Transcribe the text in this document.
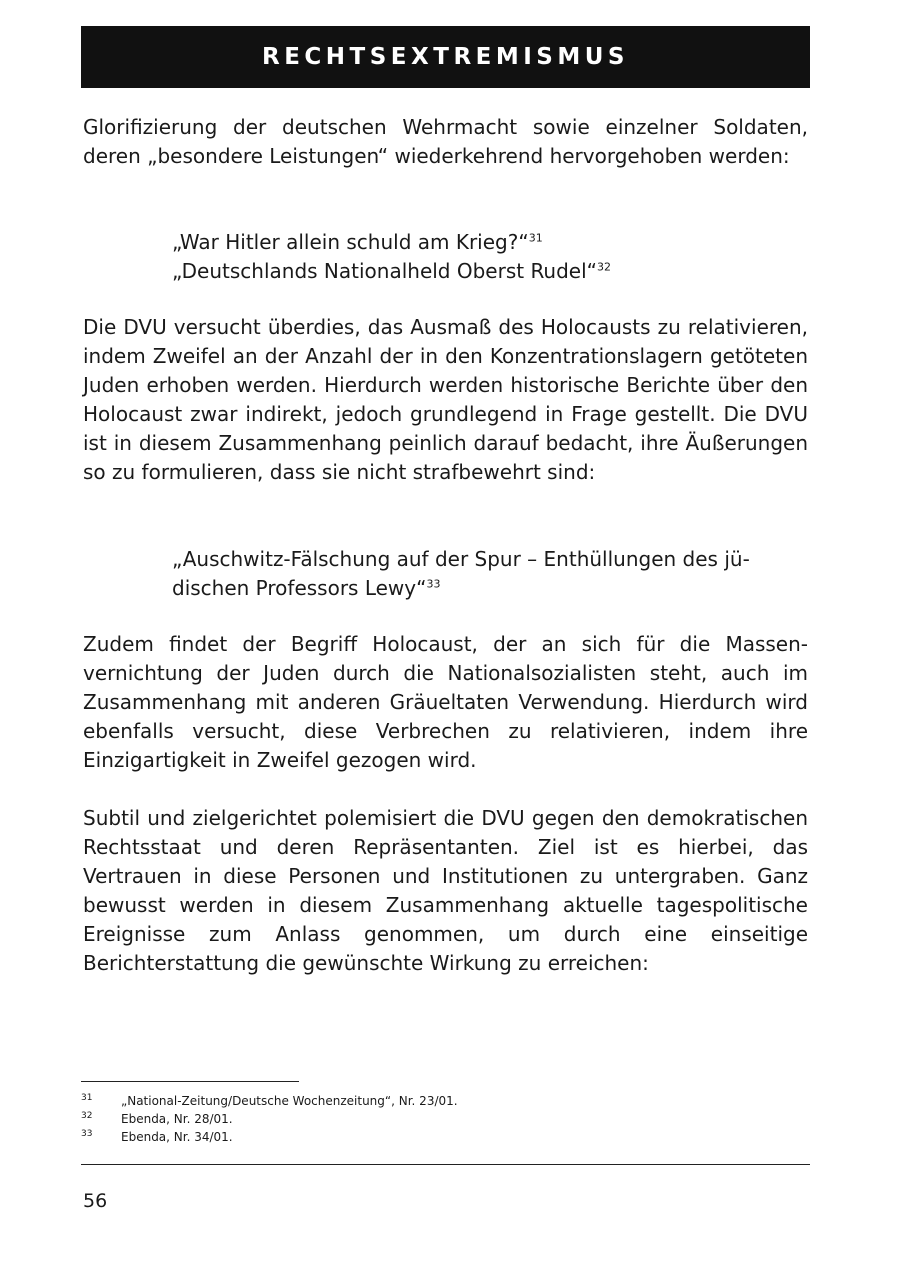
RECHTSEXTREMISMUS
Glorifizierung der deutschen Wehrmacht sowie einzelner Soldaten, deren „besondere Leistungen“ wiederkehrend hervorgehoben werden:

„War Hitler allein schuld am Krieg?“$^{31}$

„Deutschlands Nationalheld Oberst Rudel“$^{32}$

Die DVU versucht überdies, das Ausmaß des Holocausts zu relativieren, indem Zweifel an der Anzahl der in den Konzentrationslagern getöteten Juden erhoben werden. Hierdurch werden historische Berichte über den Holocaust zwar indirekt, jedoch grundlegend in Frage gestellt. Die DVU ist in diesem Zusammenhang peinlich darauf bedacht, ihre Äußerungen so zu formulieren, dass sie nicht strafbewehrt sind:

„Auschwitz-Fälschung auf der Spur – Enthüllungen des jüdischen Professors Lewy“$^{33}$

Zudem findet der Begriff Holocaust, der an sich für die Massenvernichtung der Juden durch die Nationalsozialisten steht, auch im Zusammenhang mit anderen Gräueltaten Verwendung. Hierdurch wird ebenfalls versucht, diese Verbrechen zu relativieren, indem ihre Einzigartigkeit in Zweifel gezogen wird.
Subtil und zielgerichtet polemisiert die DVU gegen den demokratischen Rechtsstaat und deren Repräsentanten. Ziel ist es hierbei, das Vertrauen in diese Personen und Institutionen zu untergraben. Ganz bewusst werden in diesem Zusammenhang aktuelle tagespolitische Ereignisse zum Anlass genommen, um durch eine einseitige Berichterstattung die gewünschte Wirkung zu erreichen:
31	„National-Zeitung/Deutsche Wochenzeitung“, Nr. 23/01.
32	Ebenda, Nr. 28/01.
33	Ebenda, Nr. 34/01.
56
